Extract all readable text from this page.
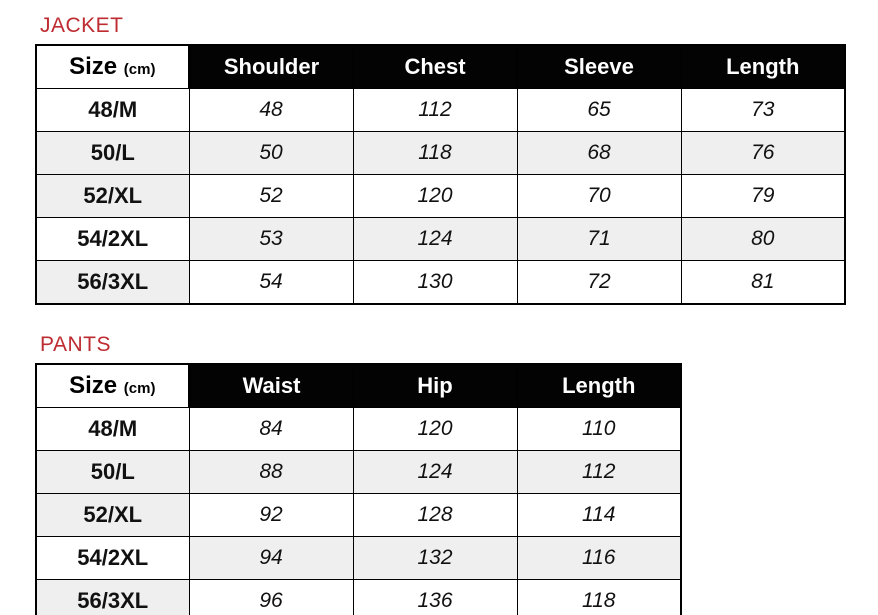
JACKET
Size (cm)	Shoulder	Chest	Sleeve	Length
48/M	48	112	65	73
50/L	50	118	68	76
52/XL	52	120	70	79
54/2XL	53	124	71	80
56/3XL	54	130	72	81
PANTS
Size (cm)	Waist	Hip	Length
48/M	84	120	110
50/L	88	124	112
52/XL	92	128	114
54/2XL	94	132	116
56/3XL	96	136	118
